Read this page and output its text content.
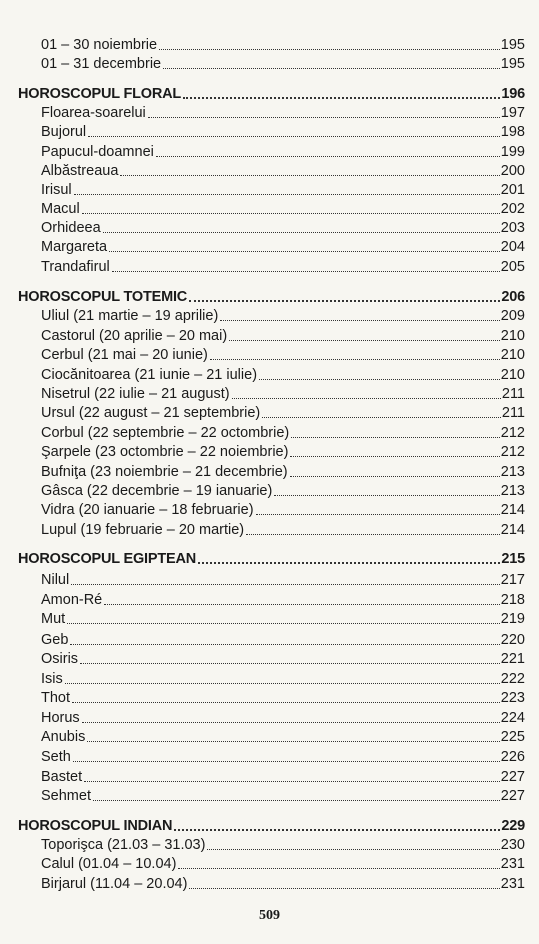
01 – 30 noiembrie	195
01 – 31 decembrie	195
HOROSCOPUL FLORAL	196
Floarea-soarelui	197
Bujorul	198
Papucul-doamnei	199
Albăstreaua	200
Irisul	201
Macul	202
Orhideea	203
Margareta	204
Trandafirul	205
HOROSCOPUL TOTEMIC	206
Uliul (21 martie – 19 aprilie)	209
Castorul (20 aprilie – 20 mai)	210
Cerbul (21 mai – 20 iunie)	210
Ciocănitoarea (21 iunie – 21 iulie)	210
Nisetrul (22 iulie – 21 august)	211
Ursul (22 august – 21 septembrie)	211
Corbul (22 septembrie – 22 octombrie)	212
Şarpele (23 octombrie – 22 noiembrie)	212
Bufniţa (23 noiembrie – 21 decembrie)	213
Gâsca (22 decembrie – 19 ianuarie)	213
Vidra (20 ianuarie – 18 februarie)	214
Lupul (19 februarie – 20 martie)	214
HOROSCOPUL EGIPTEAN	215
Nilul	217
Amon-Ré	218
Mut	219
Geb	220
Osiris	221
Isis	222
Thot	223
Horus	224
Anubis	225
Seth	226
Bastet	227
Sehmet	227
HOROSCOPUL INDIAN	229
Toporişca (21.03 – 31.03)	230
Calul (01.04 – 10.04)	231
Birjarul (11.04 – 20.04)	231
509
